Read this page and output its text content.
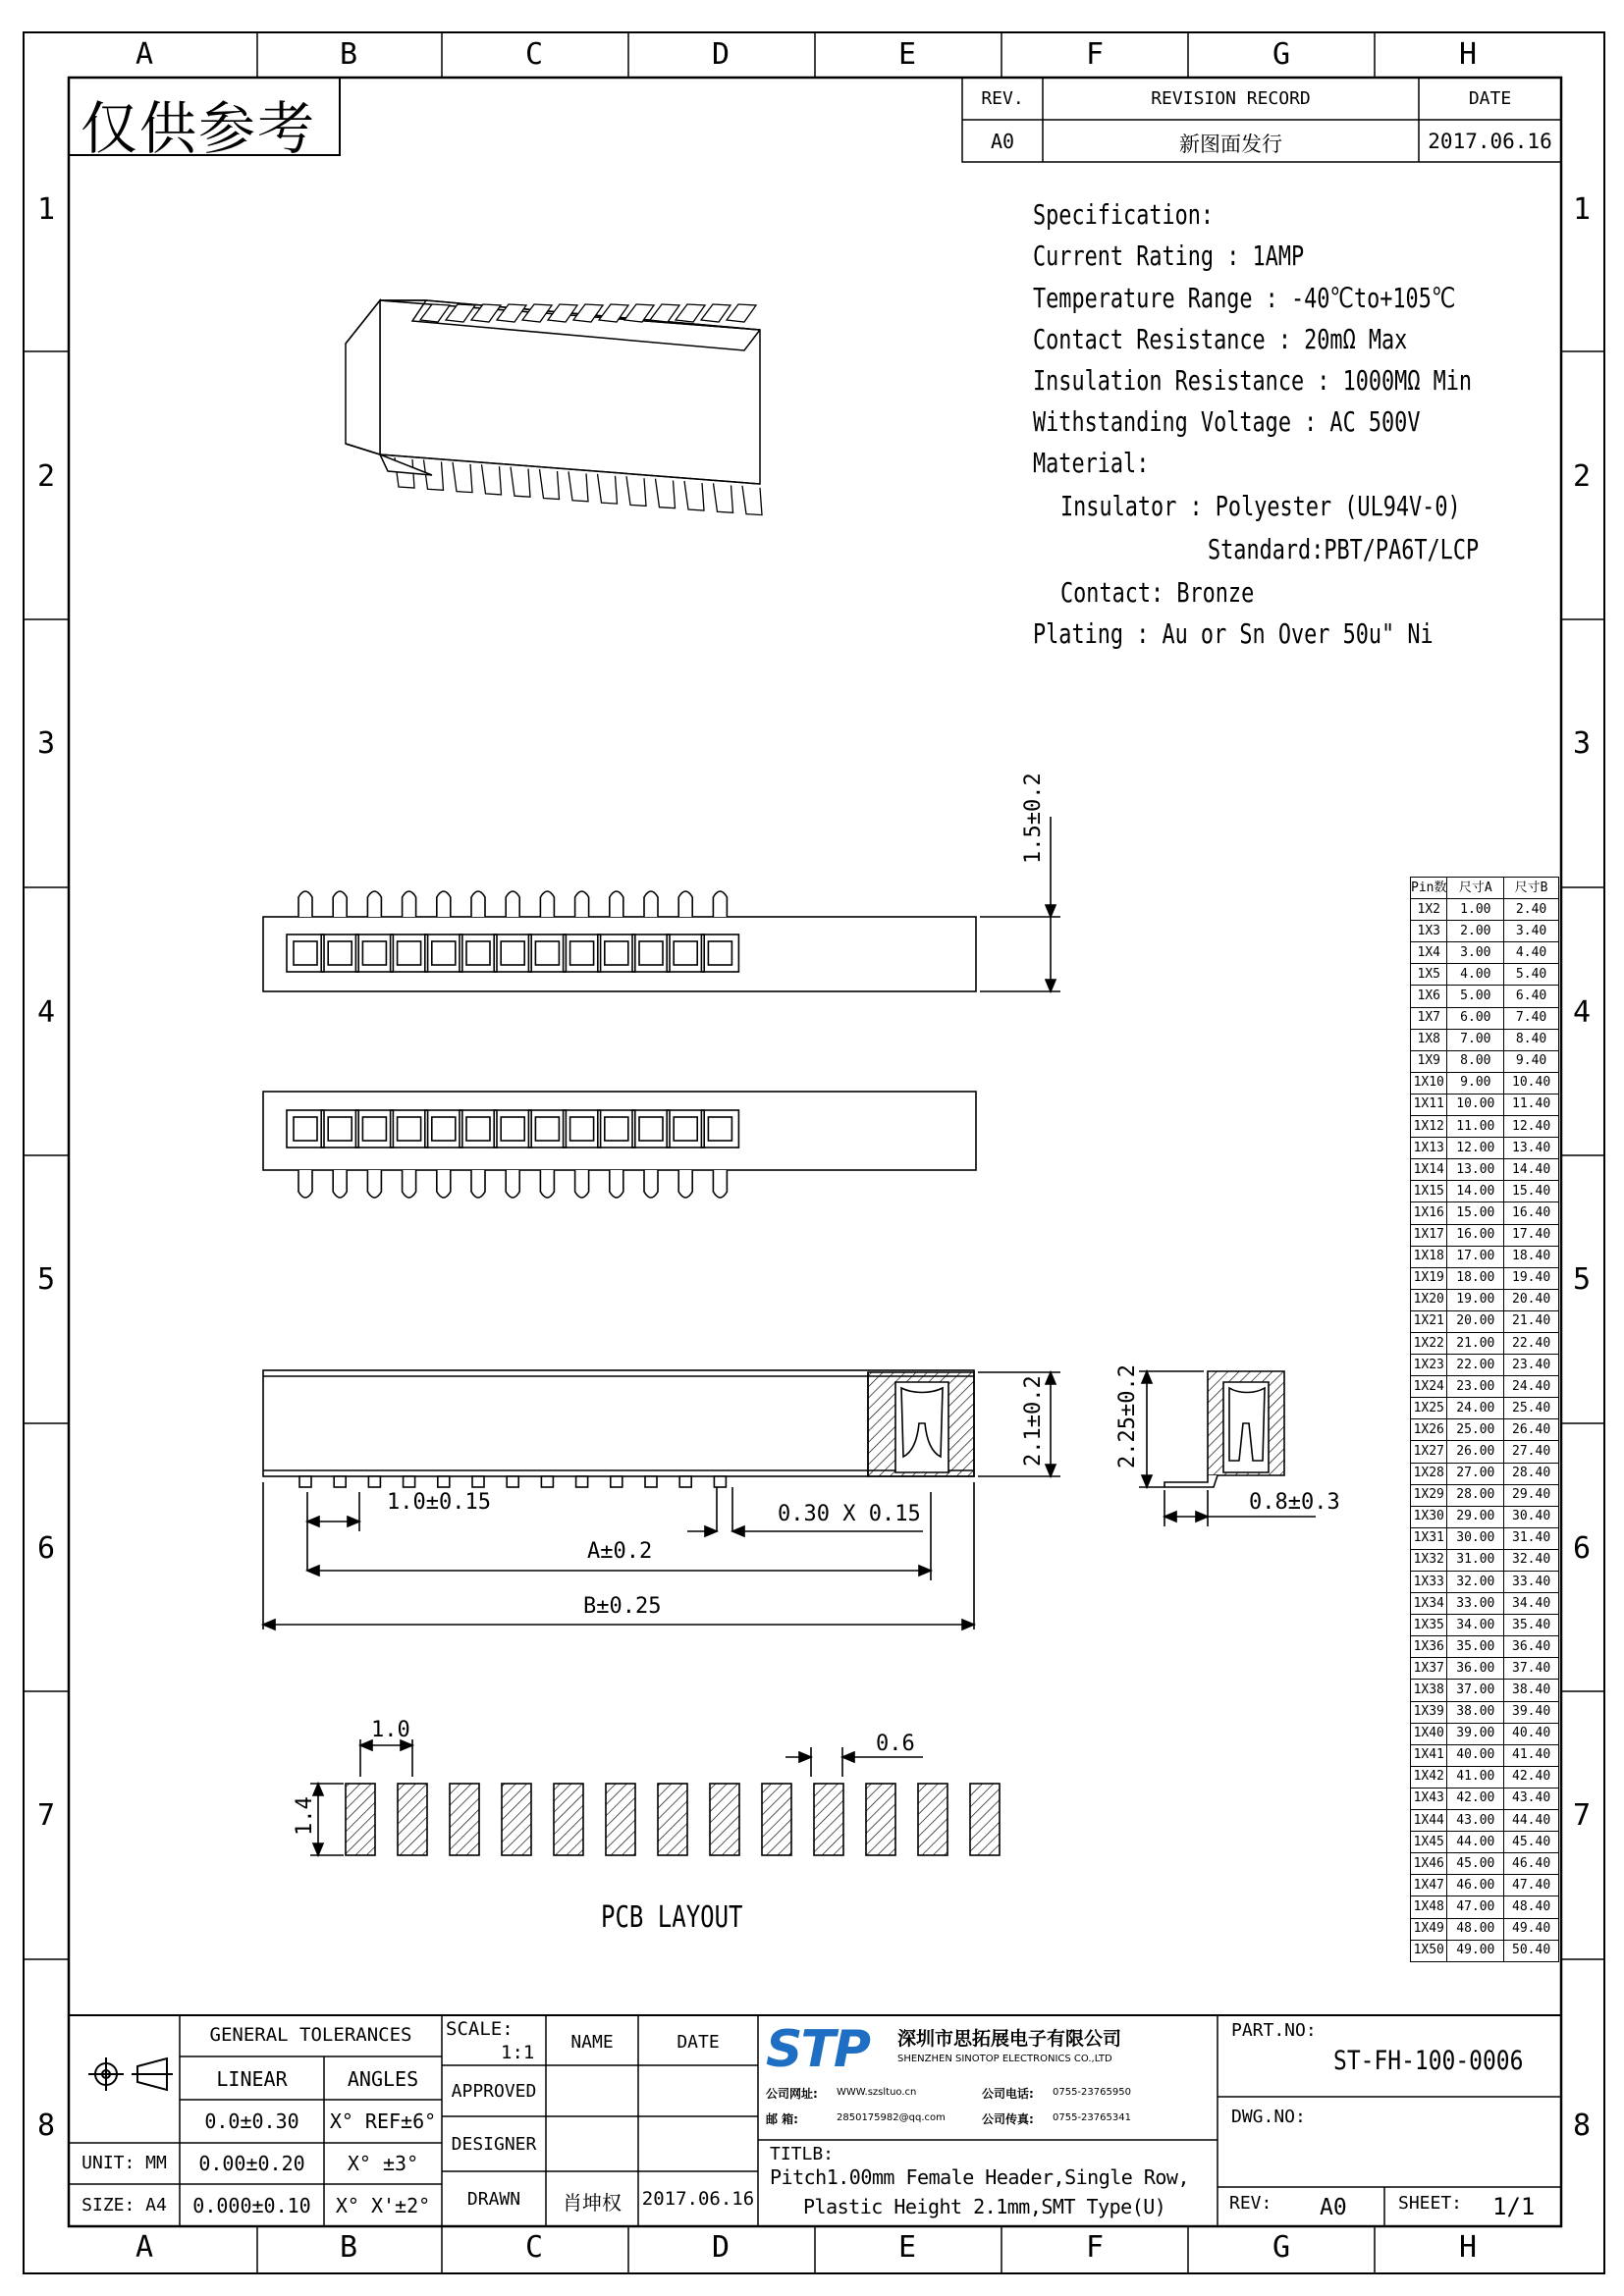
A	B	C	D	E	F	G	H
A	B	C	D	E	F	G	H
1
2
3
4
5
6
7
8
1
2
3
4
5
6
7
8
仅供参考	REV.	REVISION RECORD	DATE
A0	新图面发行	2017.06.16
Specification:
Current Rating : 1AMP
Temperature Range : -40℃to+105℃
Contact Resistance : 20mΩ Max
Insulation Resistance : 1000MΩ Min
Withstanding Voltage : AC 500V
Material:
Insulator : Polyester (UL94V-0)
Standard:PBT/PA6T/LCP
Contact: Bronze
Plating : Au or Sn Over 50u" Ni
1.5±0.2
1.0±0.15	0.30 X 0.15
A±0.2
B±0.25
2.1±0.2	2.25±0.2
0.8±0.3
1.0
0.6
1.4
PCB LAYOUT
Pin数	尺寸A	尺寸B
1X2	1.00	2.40
1X3	2.00	3.40
1X4	3.00	4.40
1X5	4.00	5.40
1X6	5.00	6.40
1X7	6.00	7.40
1X8	7.00	8.40
1X9	8.00	9.40
1X10	9.00	10.40
1X11	10.00	11.40
1X12	11.00	12.40
1X13	12.00	13.40
1X14	13.00	14.40
1X15	14.00	15.40
1X16	15.00	16.40
1X17	16.00	17.40
1X18	17.00	18.40
1X19	18.00	19.40
1X20	19.00	20.40
1X21	20.00	21.40
1X22	21.00	22.40
1X23	22.00	23.40
1X24	23.00	24.40
1X25	24.00	25.40
1X26	25.00	26.40
1X27	26.00	27.40
1X28	27.00	28.40
1X29	28.00	29.40
1X30	29.00	30.40
1X31	30.00	31.40
1X32	31.00	32.40
1X33	32.00	33.40
1X34	33.00	34.40
1X35	34.00	35.40
1X36	35.00	36.40
1X37	36.00	37.40
1X38	37.00	38.40
1X39	38.00	39.40
1X40	39.00	40.40
1X41	40.00	41.40
1X42	41.00	42.40
1X43	42.00	43.40
1X44	43.00	44.40
1X45	44.00	45.40
1X46	45.00	46.40
1X47	46.00	47.40
1X48	47.00	48.40
1X49	48.00	49.40
1X50	49.00	50.40
GENERAL TOLERANCES
LINEAR	ANGLES
0.0±0.30	X° REF±6°
0.00±0.20	X° ±3°
0.000±0.10	X° X'±2°
UNIT: MM
SIZE: A4
SCALE:
1:1	NAME	DATE
APPROVED
DESIGNER
DRAWN	肖坤权	2017.06.16
STP 深圳市思拓展电子有限公司
SHENZHEN SINOTOP ELECTRONICS CO.,LTD
公司网址: WWW.szsltuo.cn	公司电话: 0755-23765950
邮 箱:	2850175982@qq.com	公司传真: 0755-23765341
TITLB:
Pitch1.00mm Female Header,Single Row,
Plastic Height 2.1mm,SMT Type(U)
PART.NO:
ST-FH-100-0006
DWG.NO:
REV: A0	SHEET: 1/1
